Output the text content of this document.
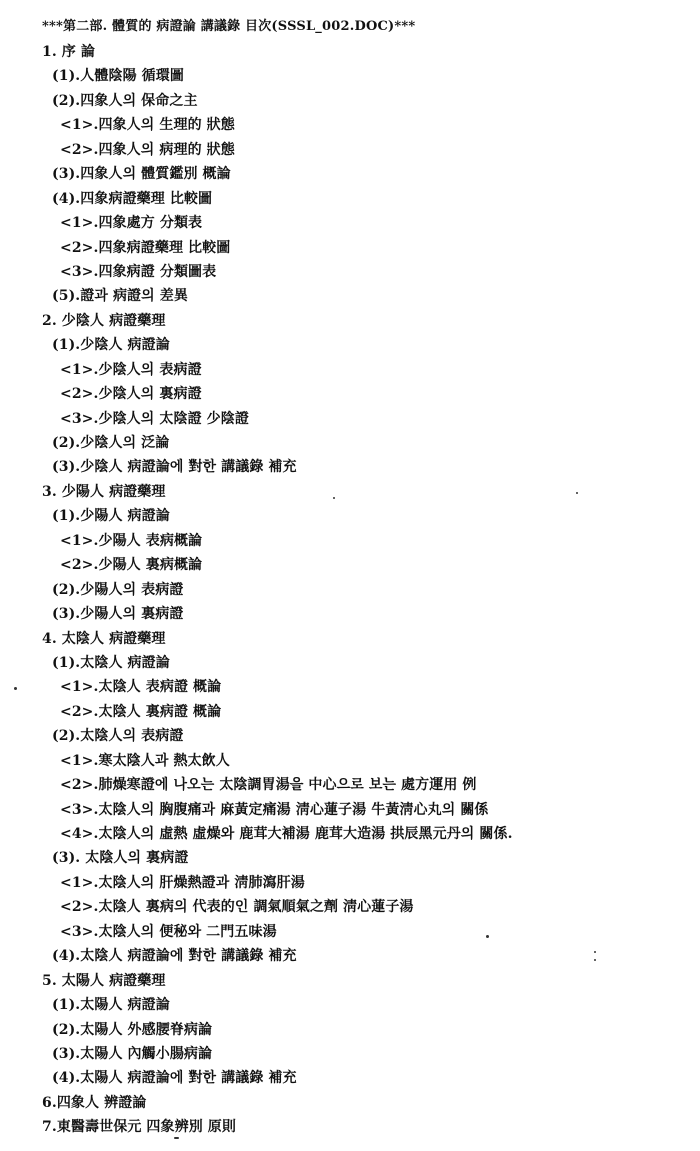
***第二部. 體質的 病證論 講議錄 目次(SSSL_002.DOC)***
1. 序 論
(1).人體陰陽 循環圖
(2).四象人의 保命之主
<1>.四象人의 生理的 狀態
<2>.四象人의 病理的 狀態
(3).四象人의 體質鑑別 概論
(4).四象病證藥理 比較圖
<1>.四象處方 分類表
<2>.四象病證藥理 比較圖
<3>.四象病證 分類圖表
(5).證과 病證의 差異
2. 少陰人 病證藥理
(1).少陰人 病證論
<1>.少陰人의 表病證
<2>.少陰人의 裏病證
<3>.少陰人의 太陰證 少陰證
(2).少陰人의 泛論
(3).少陰人 病證論에 對한 講議錄 補充
3. 少陽人 病證藥理
(1).少陽人 病證論
<1>.少陽人 表病概論
<2>.少陽人 裏病概論
(2).少陽人의 表病證
(3).少陽人의 裏病證
4. 太陰人 病證藥理
(1).太陰人 病證論
<1>.太陰人 表病證 概論
<2>.太陰人 裏病證 概論
(2).太陰人의 表病證
<1>.寒太陰人과 熱太飲人
<2>.肺燥寒證에 나오는 太陰調胃湯을 中心으로 보는 處方運用 例
<3>.太陰人의 胸腹痛과 麻黃定痛湯 淸心蓮子湯 牛黃淸心丸의 關係
<4>.太陰人의 虛熱 虛燥와 鹿茸大補湯 鹿茸大造湯 拱辰黑元丹의 關係.
(3). 太陰人의 裏病證
<1>.太陰人의 肝燥熱證과 淸肺瀉肝湯
<2>.太陰人 裏病의 代表的인 調氣順氣之劑 淸心蓮子湯
<3>.太陰人의 便秘와 二門五味湯
(4).太陰人 病證論에 對한 講議錄 補充
5. 太陽人 病證藥理
(1).太陽人 病證論
(2).太陽人 外感腰脊病論
(3).太陽人 內觸小腸病論
(4).太陽人 病證論에 對한 講議錄 補充
6.四象人 辨證論
7.東醫壽世保元 四象辨別 原則
